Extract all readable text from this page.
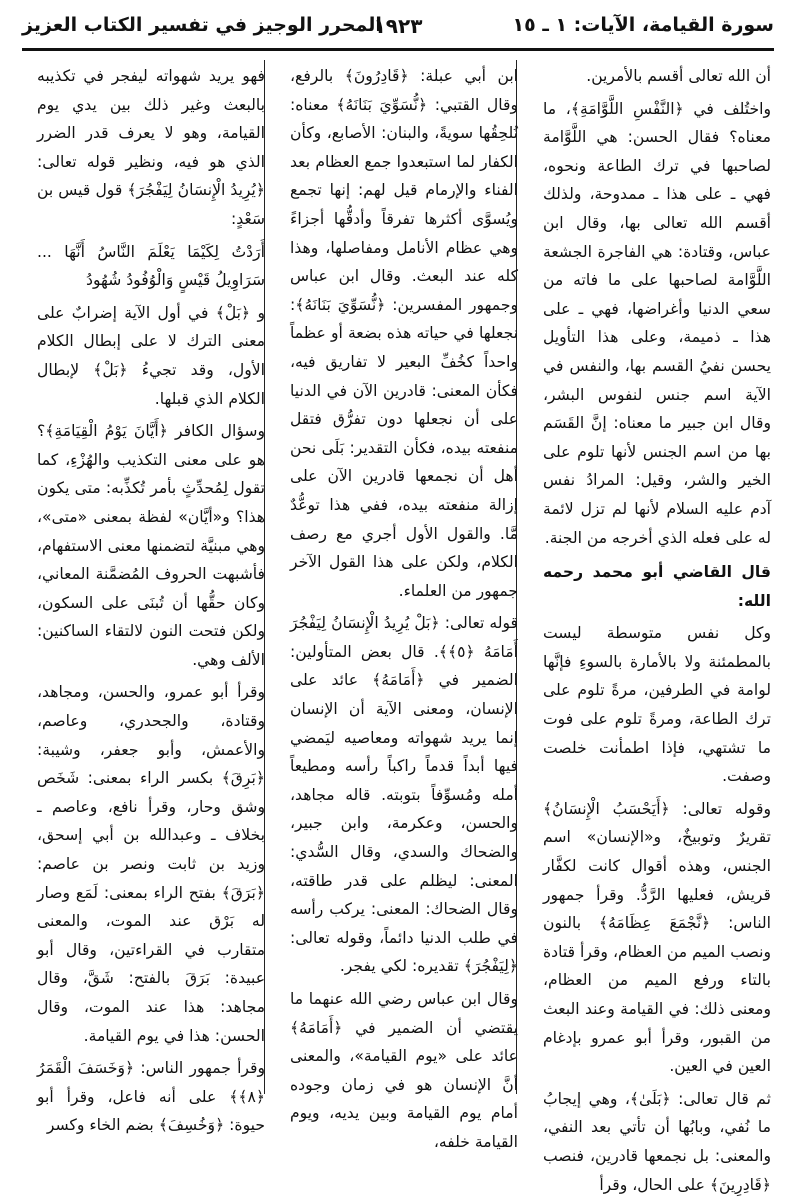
سورة القيامة، الآيات: ١ ـ ١٥
١٩٢٣
المحرر الوجيز في تفسير الكتاب العزيز

أن الله تعالى أقسم بالأمرين.

واختُلف في ﴿النَّفْسِ اللَّوَّامَةِ﴾، ما معناه؟ فقال الحسن: هي اللَّوَّامة لصاحبها في ترك الطاعة ونحوه، فهي ـ على هذا ـ ممدوحة، ولذلك أقسم الله تعالى بها، وقال ابن عباس، وقتادة: هي الفاجرة الجشعة اللَّوَّامة لصاحبها على ما فاته من سعي الدنيا وأغراضها، فهي ـ على هذا ـ ذميمة، وعلى هذا التأويل يحسن نفيُ القسم بها، والنفس في الآية اسم جنس لنفوس البشر، وقال ابن جبير ما معناه: إنَّ القَسَم بها من اسم الجنس لأنها تلوم على الخير والشر، وقيل: المرادُ نفس آدم عليه السلام لأنها لم تزل لائمة له على فعله الذي أخرجه من الجنة.

قال القاضي أبو محمد رحمه الله:

وكل نفس متوسطة ليست بالمطمئنة ولا بالأمارة بالسوءِ فإنَّها لوامة في الطرفين، مرةً تلوم على ترك الطاعة، ومرةً تلوم على فوت ما تشتهي، فإذا اطمأنت خلصت وصفت.

وقوله تعالى: ﴿أَيَحْسَبُ الْإِنسَانُ﴾ تقريرٌ وتوبيخٌ، و«الإنسان» اسم الجنس، وهذه أقوال كانت لكفَّار قريش، فعليها الرَّدُّ. وقرأ جمهور الناس: ﴿نَّجْمَعَ عِظَامَهُ﴾ بالنون ونصب الميم من العظام، وقرأ قتادة بالتاء ورفع الميم من العظام، ومعنى ذلك: في القيامة وعند البعث من القبور، وقرأ أبو عمرو بإدغام العين في العين.

ثم قال تعالى: ﴿بَلَىٰ﴾، وهي إيجابُ ما نُفي، وبابُها أن تأتي بعد النفي، والمعنى: بل نجمعها قادرين، فنصب ﴿قَادِرِينَ﴾ على الحال، وقرأ

ابن أبي عبلة: ﴿قَادِرُونَ﴾ بالرفع، وقال القتبي: ﴿نُّسَوِّيَ بَنَانَهُ﴾ معناه: نُلحِقُها سويةً، والبنان: الأصابع، وكأن الكفار لما استبعدوا جمع العظام بعد الفناء والإرمام قيل لهم: إنها تجمع ويُسوَّى أكثرها تفرقاً وأدقُّها أجزاءً وهي عظام الأنامل ومفاصلها، وهذا كله عند البعث. وقال ابن عباس وجمهور المفسرين: ﴿نُّسَوِّيَ بَنَانَهُ﴾: نجعلها في حياته هذه بضعة أو عظماً واحداً كخُفِّ البعير لا تفاريق فيه، فكأن المعنى: قادرين الآن في الدنيا على أن نجعلها دون تفرُّق فتقل منفعته بيده، فكأن التقدير: بَلَى نحن أهل أن نجمعها قادرين الآن على إزالة منفعته بيده، ففي هذا توعُّدٌ مَّا. والقول الأول أجري مع رصف الكلام، ولكن على هذا القول الآخر جمهور من العلماء.

قوله تعالى: ﴿بَلْ يُرِيدُ الْإِنسَانُ لِيَفْجُرَ أَمَامَهُ ﴿٥﴾﴾. قال بعض المتأولين: الضمير في ﴿أَمَامَهُ﴾ عائد على الإنسان، ومعنى الآية أن الإنسان إنما يريد شهواته ومعاصيه ليَمضي فيها أبداً قدماً راكباً رأسه ومطيعاً أمله ومُسوِّفاً بتوبته. قاله مجاهد، والحسن، وعكرمة، وابن جبير، والضحاك والسدي، وقال السُّدي: المعنى: ليظلم على قدر طاقته، وقال الضحاك: المعنى: يركب رأسه في طلب الدنيا دائماً، وقوله تعالى: ﴿لِيَفْجُرَ﴾ تقديره: لكي يفجر.

وقال ابن عباس رضي الله عنهما ما يقتضي أن الضمير في ﴿أَمَامَهُ﴾ عائد على «يوم القيامة»، والمعنى أنَّ الإنسان هو في زمان وجوده أمام يوم القيامة وبين يديه، ويوم القيامة خلفه،

فهو يريد شهواته ليفجر في تكذيبه بالبعث وغير ذلك بين يدي يوم القيامة، وهو لا يعرف قدر الضرر الذي هو فيه، ونظير قوله تعالى: ﴿يُرِيدُ الْإِنسَانُ لِيَفْجُرَ﴾ قول قيس بن سَعْدٍ:

أَرَدْتُ لِكَيْمَا يَعْلَمَ النَّاسُ أَنَّهَا ... سَرَاوِيلُ قَيْسٍ وَالْوُفُودُ شُهُودُ

و ﴿بَلْ﴾ في أول الآية إضرابٌ على معنى الترك لا على إبطال الكلام الأول، وقد تجيءُ ﴿بَلْ﴾ لإبطال الكلام الذي قبلها.

وسؤال الكافر ﴿أَيَّانَ يَوْمُ الْقِيَامَةِ﴾؟ هو على معنى التكذيب والهُزْءِ، كما تقول لِمُحدِّثٍ بأمر تُكذِّبه: متى يكون هذا؟ و«أيَّان» لفظة بمعنى «متى»، وهي مبنيَّة لتضمنها معنى الاستفهام، فأشبهت الحروف المُضمَّنة المعاني، وكان حقُّها أن تُبنَى على السكون، ولكن فتحت النون لالتقاء الساكنين: الألف وهي.

وقرأ أبو عمرو، والحسن، ومجاهد، وقتادة، والجحدري، وعاصم، والأعمش، وأبو جعفر، وشيبة: ﴿بَرِقَ﴾ بكسر الراء بمعنى: شَخَص وشق وحار، وقرأ نافع، وعاصم ـ بخلاف ـ وعبدالله بن أبي إسحق، وزيد بن ثابت ونصر بن عاصم: ﴿بَرَقَ﴾ بفتح الراء بمعنى: لَمَع وصار له بَرْق عند الموت، والمعنى متقارب في القراءتين، وقال أبو عبيدة: بَرَقَ بالفتح: شَقَّ، وقال مجاهد: هذا عند الموت، وقال الحسن: هذا في يوم القيامة.

وقرأ جمهور الناس: ﴿وَخَسَفَ الْقَمَرُ ﴿٨﴾﴾ على أنه فاعل، وقرأ أبو حيوة: ﴿وَخُسِفَ﴾ بضم الخاء وكسر
